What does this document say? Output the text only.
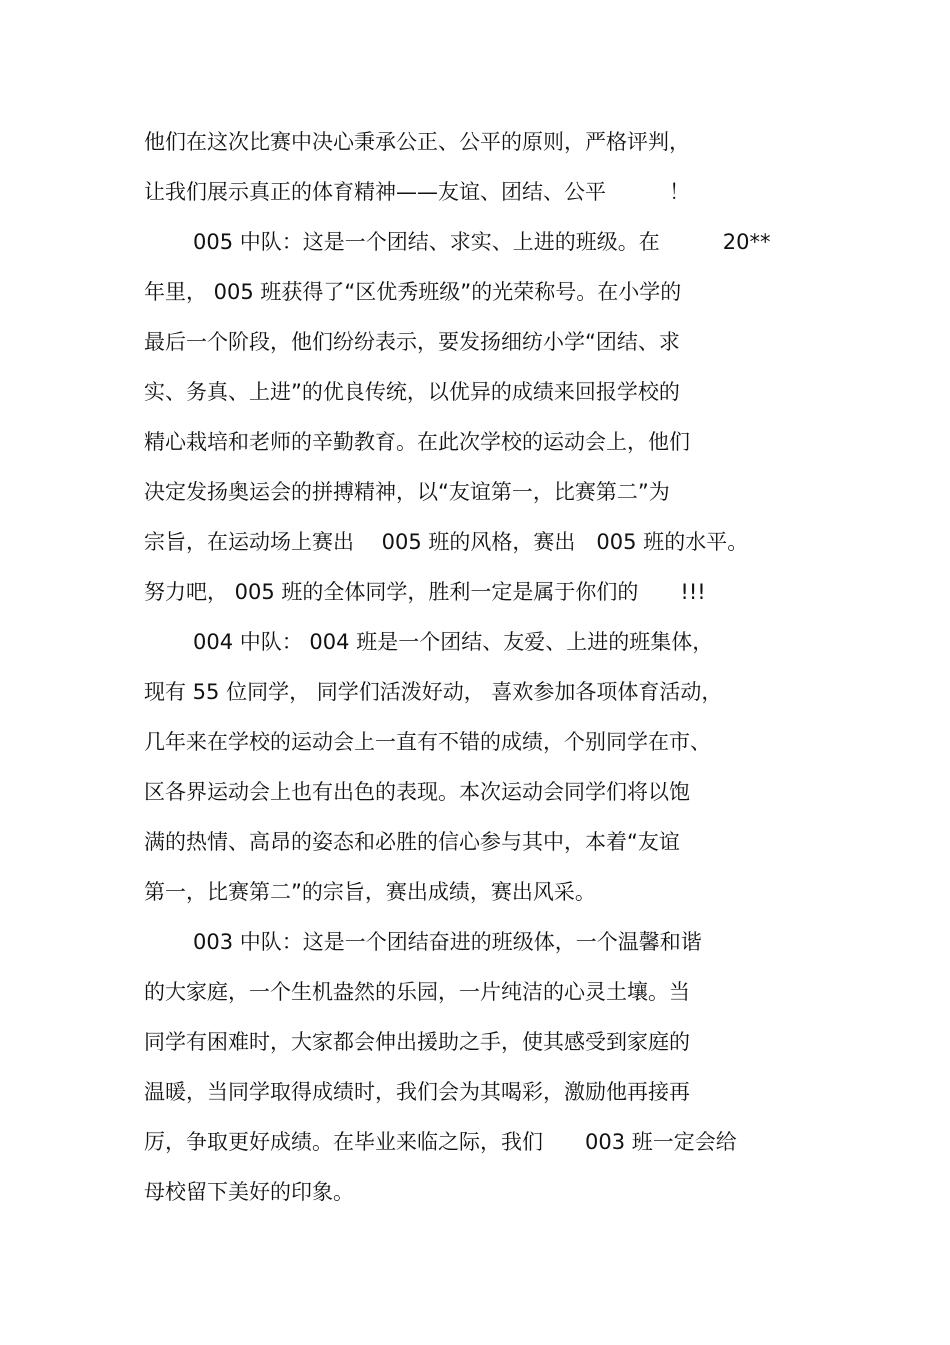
他们在这次比赛中决心秉承公正、公平的原则，严格评判，
让我们展示真正的体育精神——友谊、团结、公平　　　！
005 中队：这是一个团结、求实、上进的班级。在　　　20**
年里， 005 班获得了“区优秀班级”的光荣称号。在小学的
最后一个阶段，他们纷纷表示，要发扬细纺小学“团结、求
实、务真、上进”的优良传统，以优异的成绩来回报学校的
精心栽培和老师的辛勤教育。在此次学校的运动会上，他们
决定发扬奥运会的拼搏精神，以“友谊第一，比赛第二”为
宗旨，在运动场上赛出　 005 班的风格，赛出　005 班的水平。
努力吧， 005 班的全体同学，胜利一定是属于你们的　　!!!
004 中队： 004 班是一个团结、友爱、上进的班集体，
现有 55 位同学， 同学们活泼好动， 喜欢参加各项体育活动，
几年来在学校的运动会上一直有不错的成绩，个别同学在市、
区各界运动会上也有出色的表现。本次运动会同学们将以饱
满的热情、高昂的姿态和必胜的信心参与其中，本着“友谊
第一，比赛第二”的宗旨，赛出成绩，赛出风采。
003 中队：这是一个团结奋进的班级体，一个温馨和谐
的大家庭，一个生机盎然的乐园，一片纯洁的心灵土壤。当
同学有困难时，大家都会伸出援助之手，使其感受到家庭的
温暖，当同学取得成绩时，我们会为其喝彩，激励他再接再
厉，争取更好成绩。在毕业来临之际，我们　　003 班一定会给
母校留下美好的印象。
